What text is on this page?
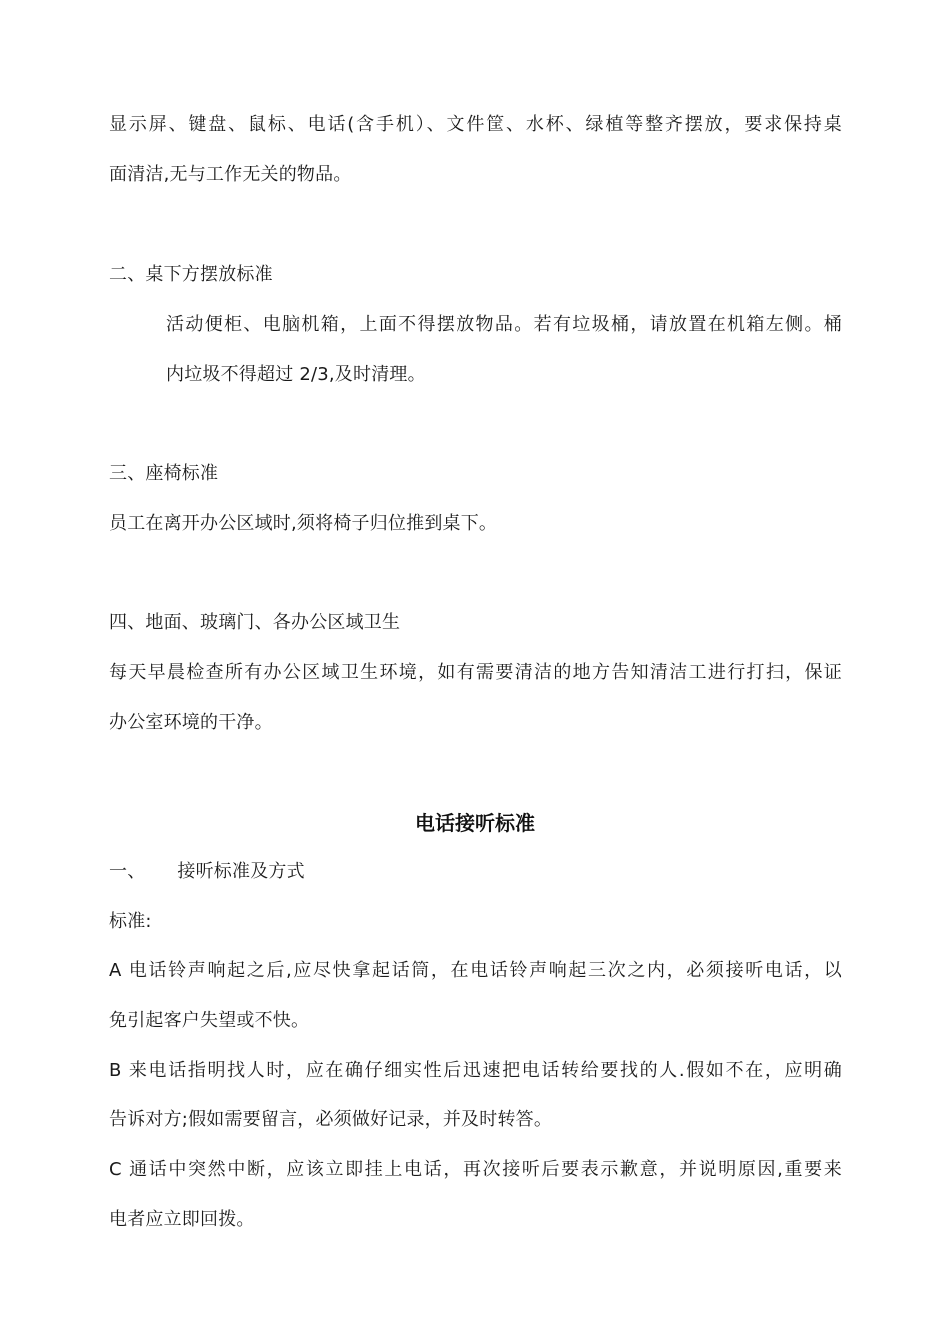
显示屏、键盘、鼠标、电话(含手机）、文件筐、水杯、绿植等整齐摆放，要求保持桌
面清洁,无与工作无关的物品。
二、桌下方摆放标准
活动便柜、电脑机箱，上面不得摆放物品。若有垃圾桶，请放置在机箱左侧。桶
内垃圾不得超过 2/3,及时清理。
三、座椅标准
员工在离开办公区域时,须将椅子归位推到桌下。
四、地面、玻璃门、各办公区域卫生
每天早晨检查所有办公区域卫生环境，如有需要清洁的地方告知清洁工进行打扫，保证
办公室环境的干净。
电话接听标准
一、 接听标准及方式
标准:
A 电话铃声响起之后,应尽快拿起话筒，在电话铃声响起三次之内，必须接听电话，以
免引起客户失望或不快。
B 来电话指明找人时，应在确仔细实性后迅速把电话转给要找的人.假如不在，应明确
告诉对方;假如需要留言，必须做好记录，并及时转答。
C 通话中突然中断，应该立即挂上电话，再次接听后要表示歉意，并说明原因,重要来
电者应立即回拨。
